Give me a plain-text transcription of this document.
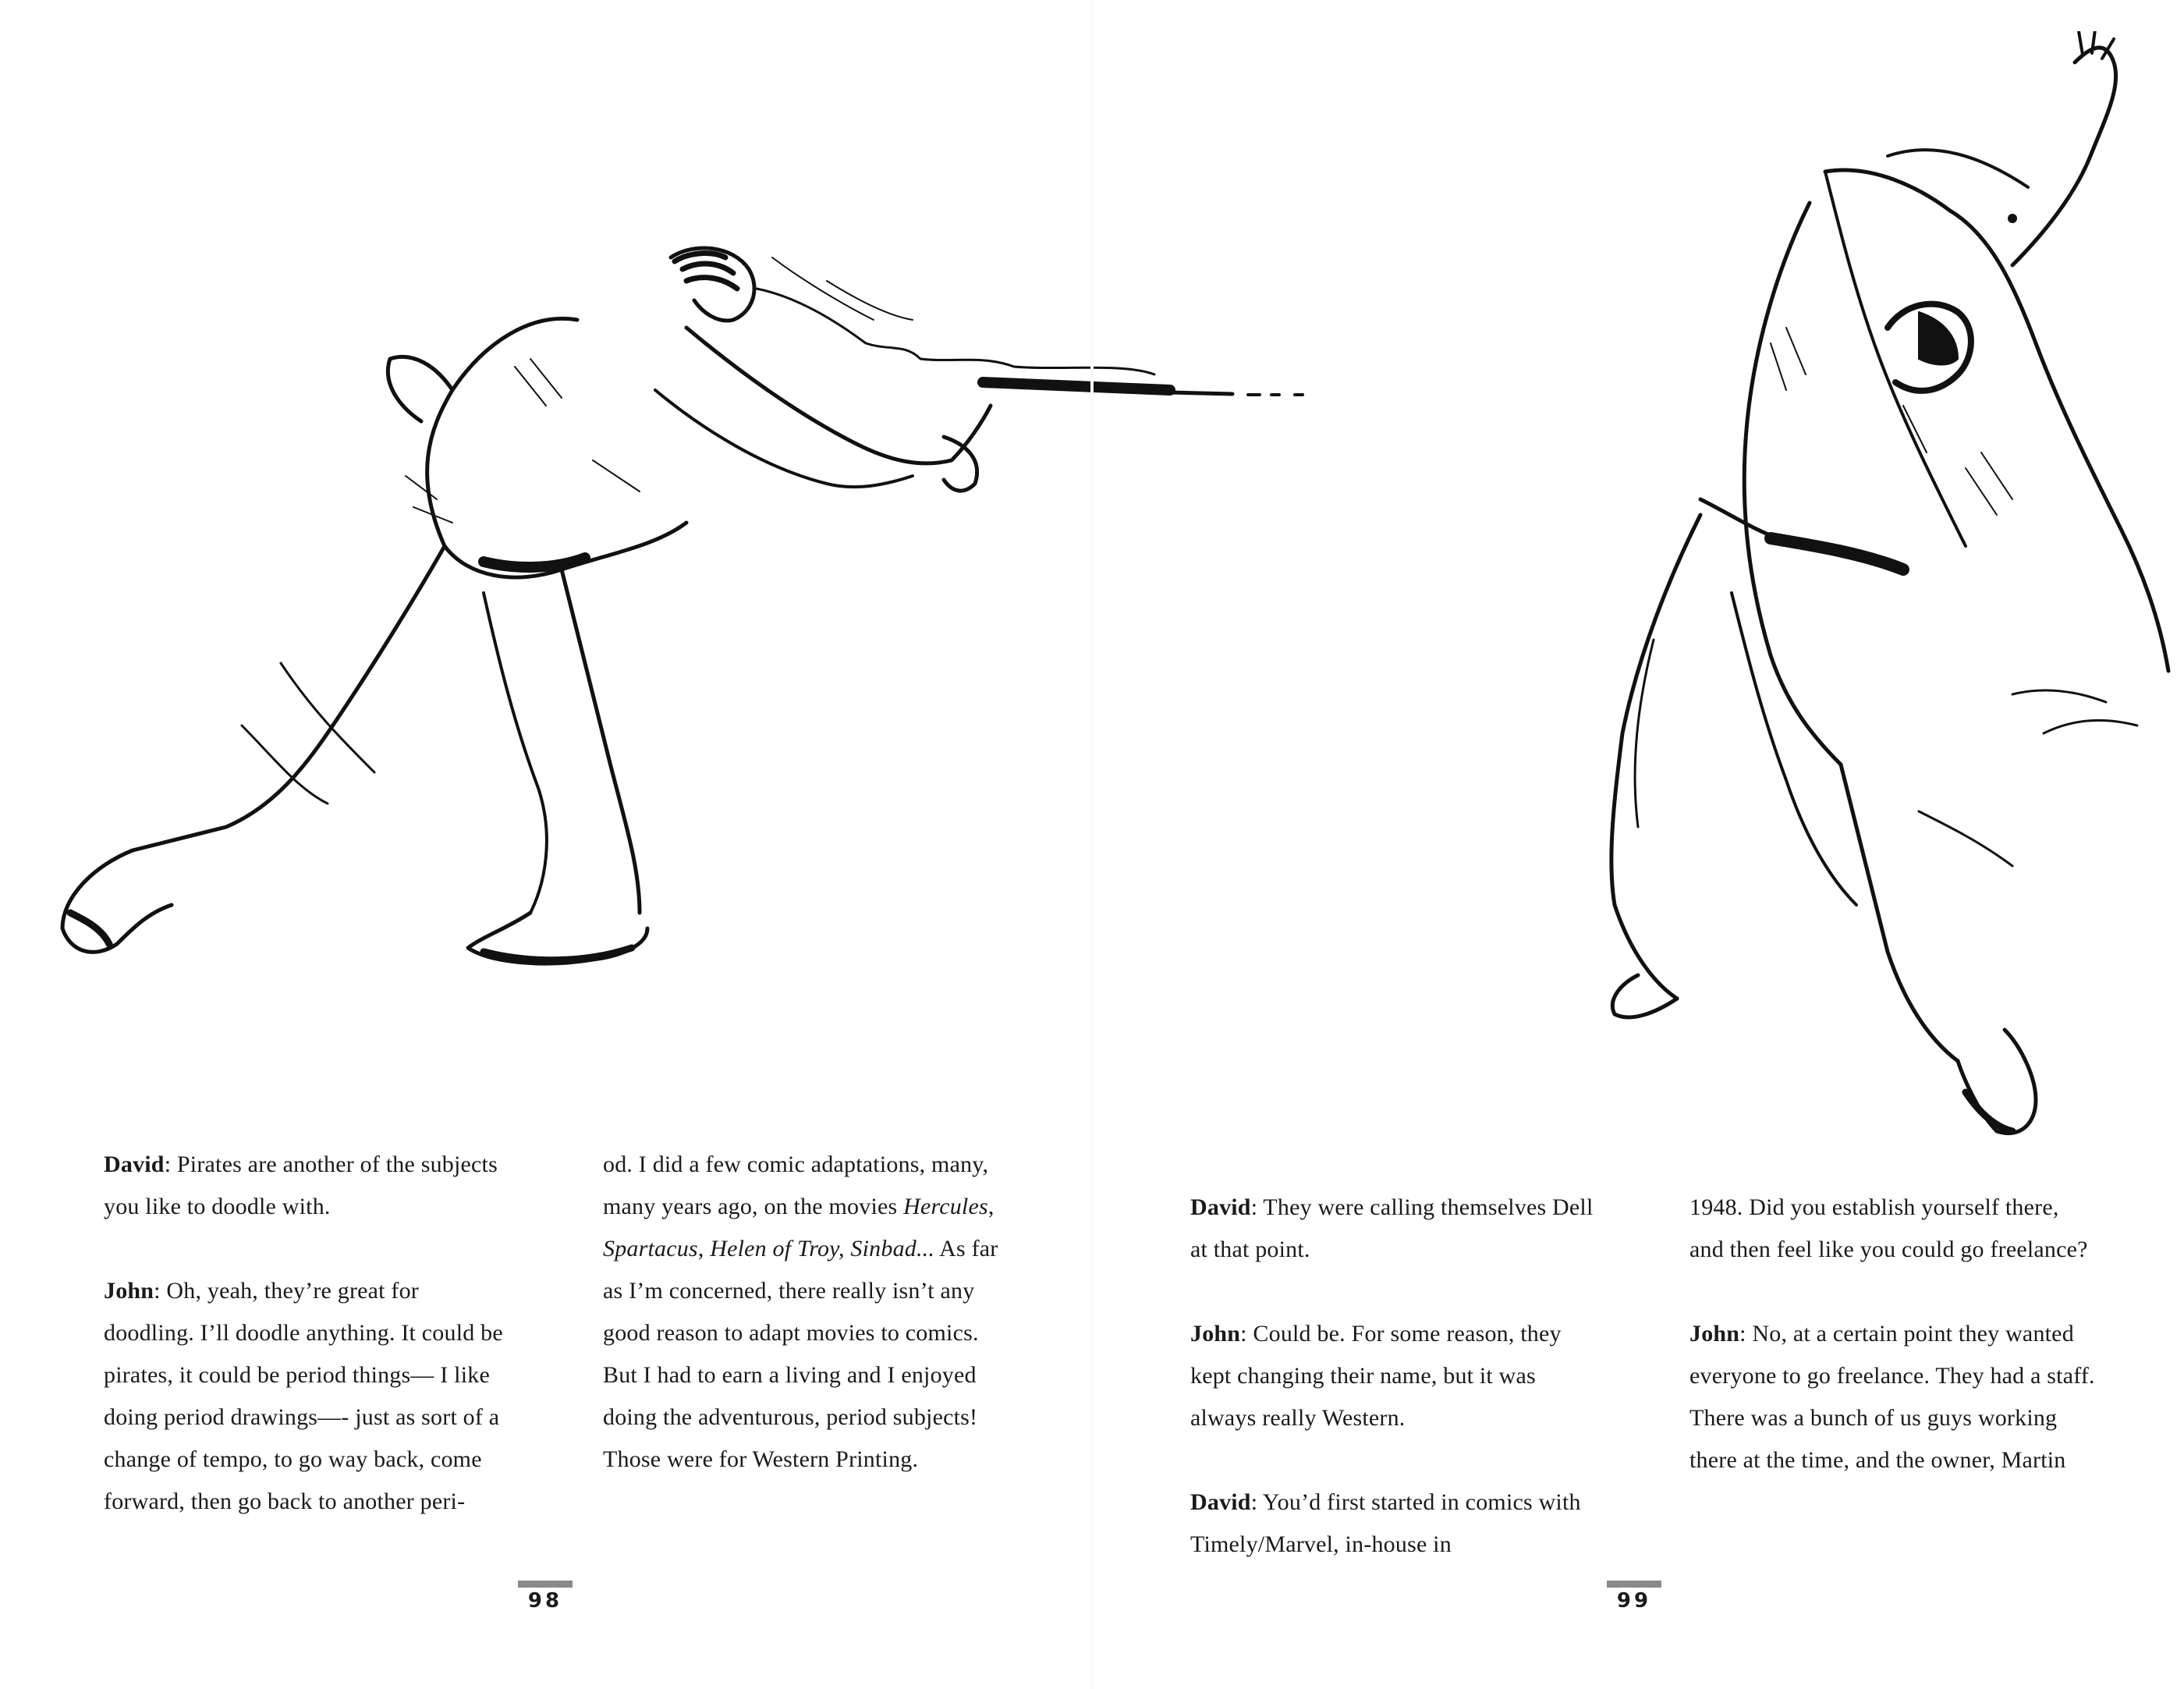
David: Pirates are another of the subjects you like to doodle with.

John: Oh, yeah, they’re great for doodling. I’ll doodle anything. It could be pirates, it could be period things— I like doing period drawings—- just as sort of a change of tempo, to go way back, come forward, then go back to another peri-

od. I did a few comic adaptations, many, many years ago, on the movies Hercules, Spartacus, Helen of Troy, Sinbad... As far as I’m concerned, there really isn’t any good reason to adapt movies to comics. But I had to earn a living and I enjoyed doing the adventurous, period subjects! Those were for Western Printing.

98

David: They were calling themselves Dell at that point.

John: Could be. For some reason, they kept changing their name, but it was always really Western.

David: You’d first started in comics with Timely/Marvel, in-house in

1948. Did you establish yourself there, and then feel like you could go freelance?

John: No, at a certain point they wanted everyone to go freelance. They had a staff. There was a bunch of us guys working there at the time, and the owner, Martin

99
